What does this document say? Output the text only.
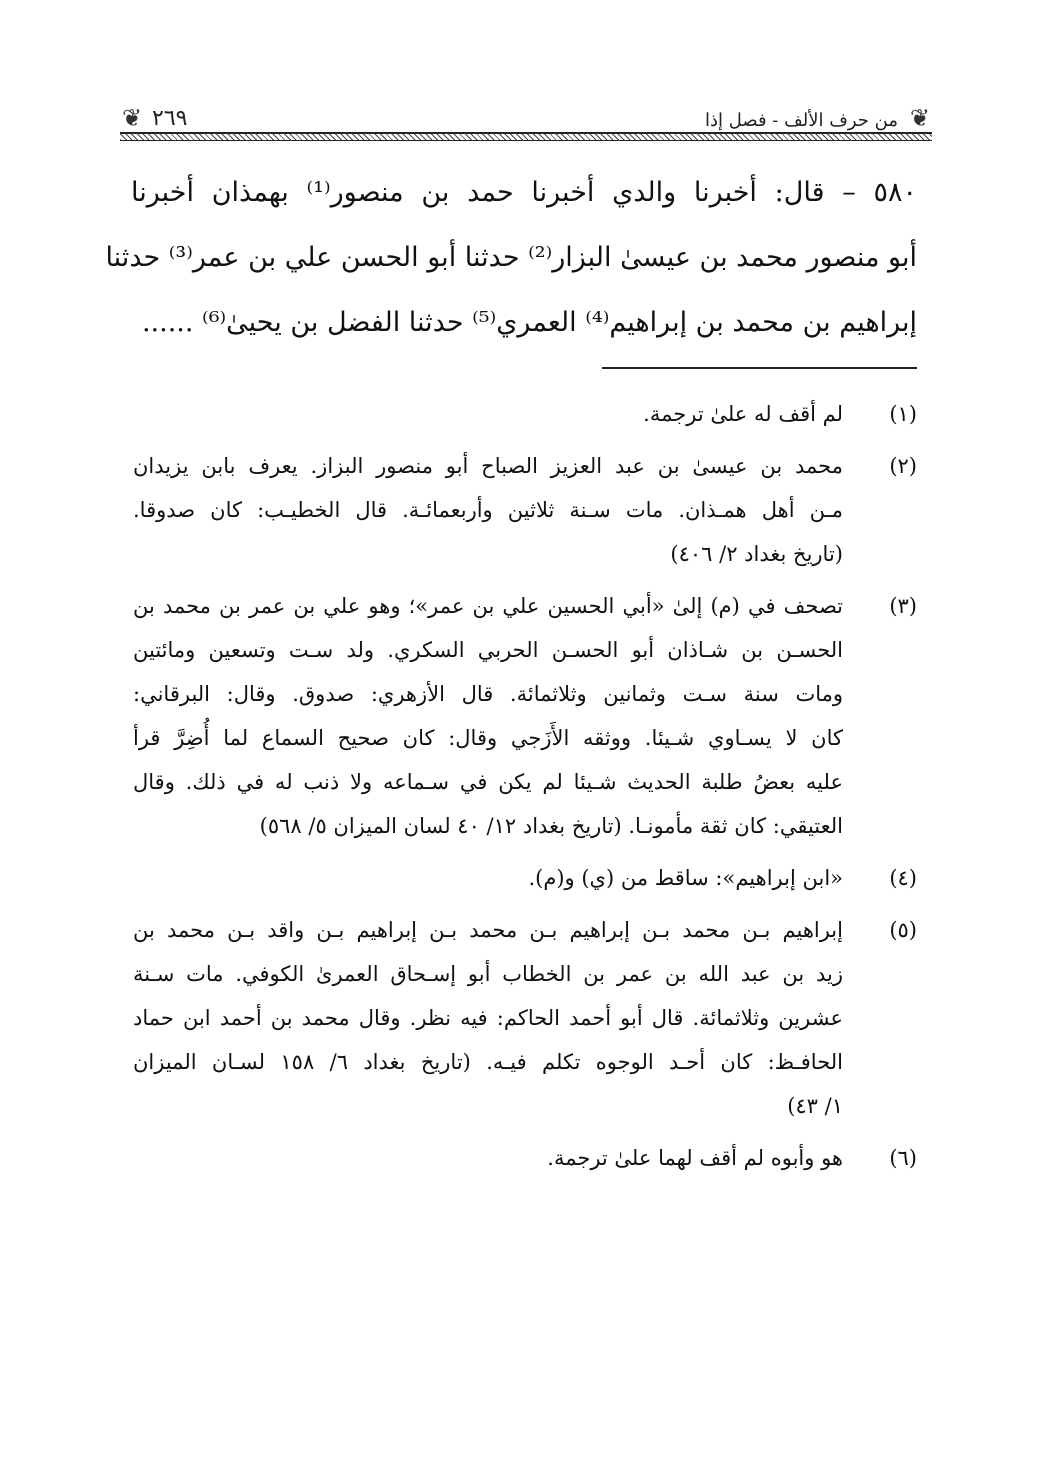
❦
من حرف الألف - فصل إذا
٢٦٩
❦
٥٨٠ – قال: أخبرنا والدي أخبرنا حمد بن منصور⁽¹⁾ بهمذان أخبرنا
أبو منصور محمد بن عيسىٰ البزار⁽²⁾ حدثنا أبو الحسن علي بن عمر⁽³⁾ حدثنا
إبراهيم بن محمد بن إبراهيم⁽⁴⁾ العمري⁽⁵⁾ حدثنا الفضل بن يحيىٰ⁽⁶⁾ ......
(١)
لم أقف له علىٰ ترجمة.
(٢)
محمد بن عيسىٰ بن عبد العزيز الصباح أبو منصور البزاز. يعرف بابن يزيدان
مـن أهل همـذان. مات سـنة ثلاثين وأربعمائـة. قال الخطيـب: كان صدوقا.
(تاريخ بغداد ٢/ ٤٠٦)
(٣)
تصحف في (م) إلىٰ «أبي الحسين علي بن عمر»؛ وهو علي بن عمر بن محمد بن
الحسـن بن شـاذان أبو الحسـن الحربي السكري. ولد سـت وتسعين ومائتين
ومات سنة سـت وثمانين وثلاثمائة. قال الأزهري: صدوق. وقال: البرقاني:
كان لا يسـاوي شـيئا. ووثقه الأَزَجي وقال: كان صحيح السماع لما أُضِرَّ قرأ
عليه بعضُ طلبة الحديث شـيئا لم يكن في سـماعه ولا ذنب له في ذلك. وقال
العتيقي: كان ثقة مأمونـا. (تاريخ بغداد ١٢/ ٤٠ لسان الميزان ٥/ ٥٦٨)
(٤)
«ابن إبراهيم»: ساقط من (ي) و(م).
(٥)
إبراهيم بـن محمد بـن إبراهيم بـن محمد بـن إبراهيم بـن واقد بـن محمد بن
زيد بن عبد الله بن عمر بن الخطاب أبو إسـحاق العمرىٰ الكوفي. مات سـنة
عشرين وثلاثمائة. قال أبو أحمد الحاكم: فيه نظر. وقال محمد بن أحمد ابن حماد
الحافـظ: كان أحـد الوجوه تكلم فيـه. (تاريخ بغداد ٦/ ١٥٨ لسـان الميزان
١/ ٤٣)
(٦)
هو وأبوه لم أقف لهما علىٰ ترجمة.
